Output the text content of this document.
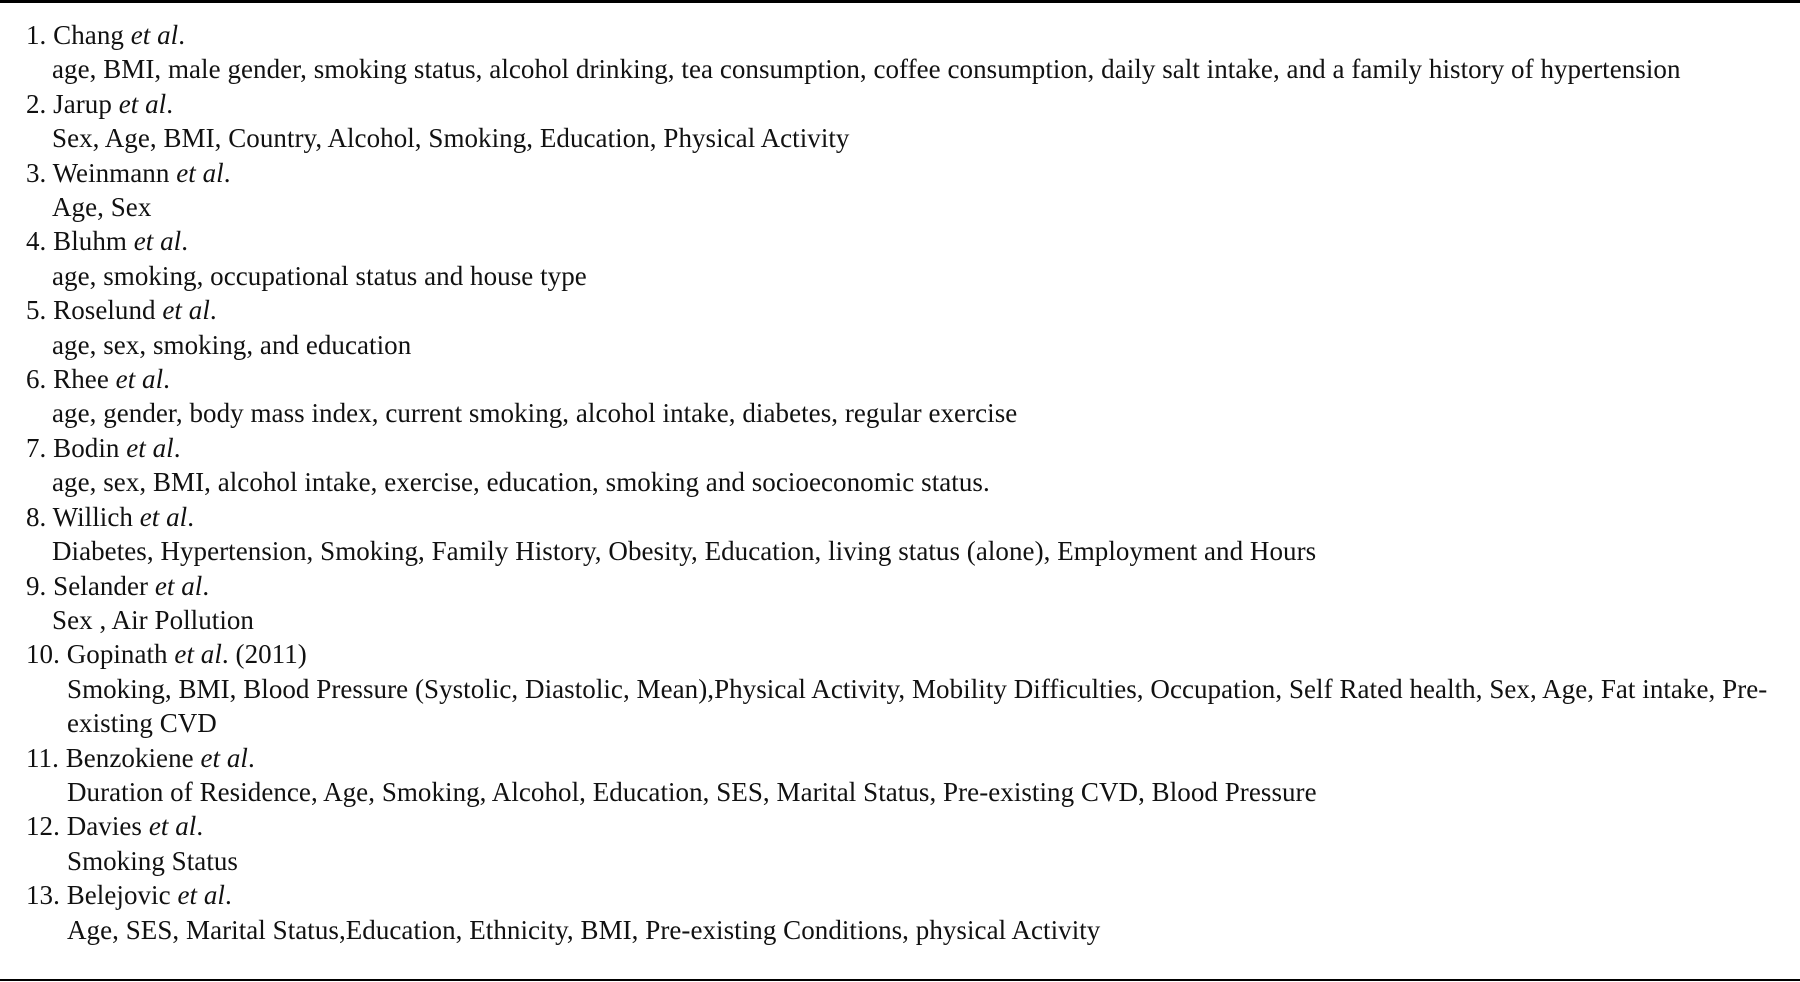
1. Chang et al.
age, BMI, male gender, smoking status, alcohol drinking, tea consumption, coffee consumption, daily salt intake, and a family history of hypertension
2. Jarup et al.
Sex, Age, BMI, Country, Alcohol, Smoking, Education, Physical Activity
3. Weinmann et al.
Age, Sex
4. Bluhm et al.
age, smoking, occupational status and house type
5. Roselund et al.
age, sex, smoking, and education
6. Rhee et al.
age, gender, body mass index, current smoking, alcohol intake, diabetes, regular exercise
7. Bodin et al.
age, sex, BMI, alcohol intake, exercise, education, smoking and socioeconomic status.
8. Willich et al.
Diabetes, Hypertension, Smoking, Family History, Obesity, Education, living status (alone), Employment and Hours
9. Selander et al.
Sex , Air Pollution
10. Gopinath et al. (2011)
Smoking, BMI, Blood Pressure (Systolic, Diastolic, Mean),Physical Activity, Mobility Difficulties, Occupation, Self Rated health, Sex, Age, Fat intake, Pre-existing CVD
11. Benzokiene et al.
Duration of Residence, Age, Smoking, Alcohol, Education, SES, Marital Status, Pre-existing CVD, Blood Pressure
12. Davies et al.
Smoking Status
13. Belejovic et al.
Age, SES, Marital Status,Education, Ethnicity, BMI, Pre-existing Conditions, physical Activity
